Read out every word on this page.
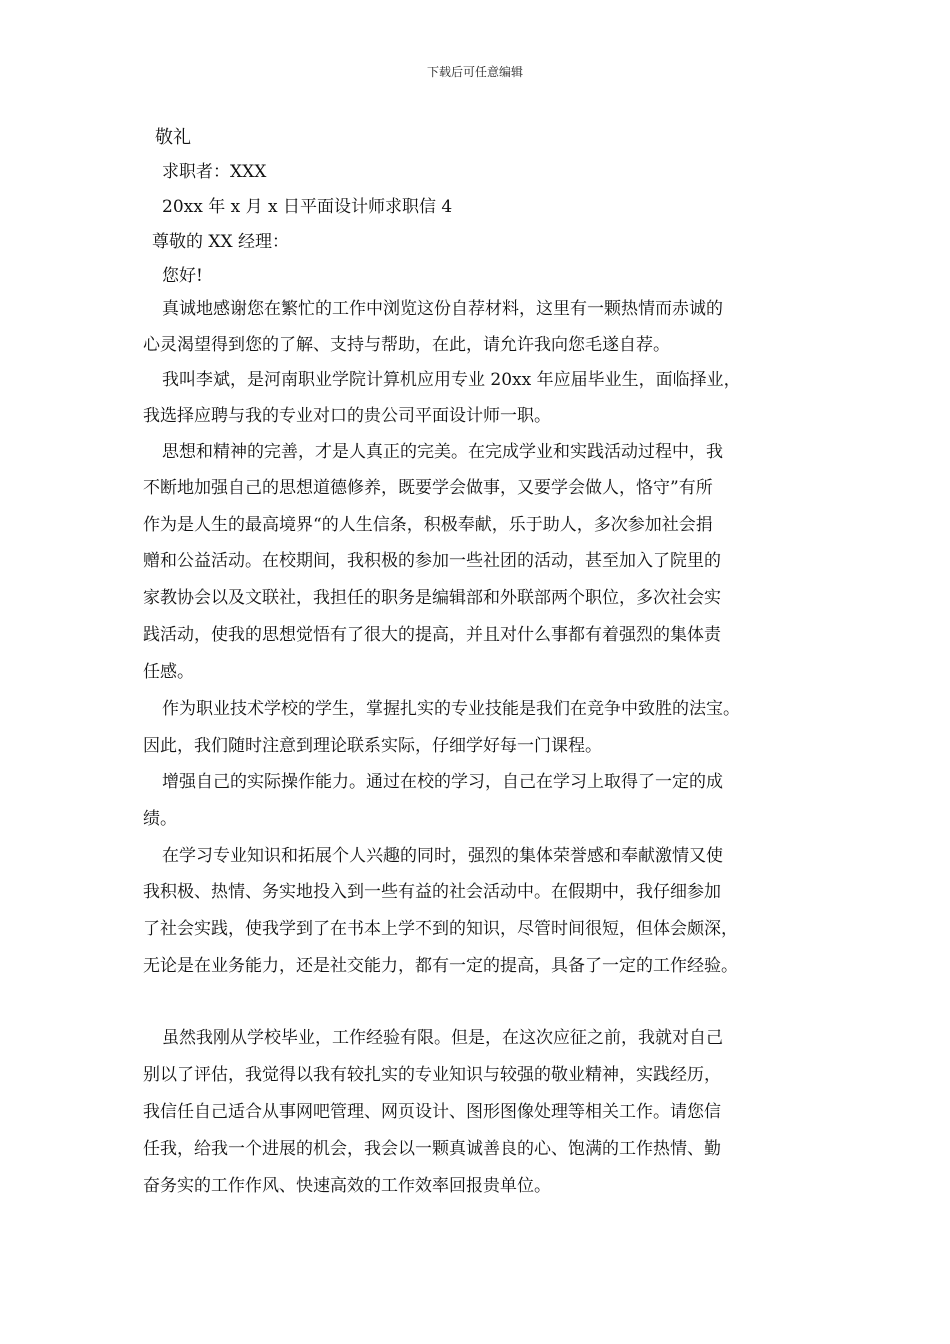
下载后可任意编辑

敬礼

求职者：XXX

20xx 年 x 月 x 日平面设计师求职信 4

尊敬的 XX 经理：

您好!

真诚地感谢您在繁忙的工作中浏览这份自荐材料，这里有一颗热情而赤诚的

心灵渴望得到您的了解、支持与帮助，在此，请允许我向您毛遂自荐。

我叫李斌，是河南职业学院计算机应用专业 20xx 年应届毕业生，面临择业，

我选择应聘与我的专业对口的贵公司平面设计师一职。

思想和精神的完善，才是人真正的完美。在完成学业和实践活动过程中，我

不断地加强自己的思想道德修养，既要学会做事，又要学会做人，恪守”有所

作为是人生的最高境界“的人生信条，积极奉献，乐于助人，多次参加社会捐

赠和公益活动。在校期间，我积极的参加一些社团的活动，甚至加入了院里的

家教协会以及文联社，我担任的职务是编辑部和外联部两个职位，多次社会实

践活动，使我的思想觉悟有了很大的提高，并且对什么事都有着强烈的集体责

任感。

作为职业技术学校的学生，掌握扎实的专业技能是我们在竞争中致胜的法宝。

因此，我们随时注意到理论联系实际，仔细学好每一门课程。

增强自己的实际操作能力。通过在校的学习，自己在学习上取得了一定的成

绩。

在学习专业知识和拓展个人兴趣的同时，强烈的集体荣誉感和奉献激情又使

我积极、热情、务实地投入到一些有益的社会活动中。在假期中，我仔细参加

了社会实践，使我学到了在书本上学不到的知识，尽管时间很短，但体会颇深，

无论是在业务能力，还是社交能力，都有一定的提高，具备了一定的工作经验。

虽然我刚从学校毕业，工作经验有限。但是，在这次应征之前，我就对自己

别以了评估，我觉得以我有较扎实的专业知识与较强的敬业精神，实践经历，

我信任自己适合从事网吧管理、网页设计、图形图像处理等相关工作。请您信

任我，给我一个进展的机会，我会以一颗真诚善良的心、饱满的工作热情、勤

奋务实的工作作风、快速高效的工作效率回报贵单位。
